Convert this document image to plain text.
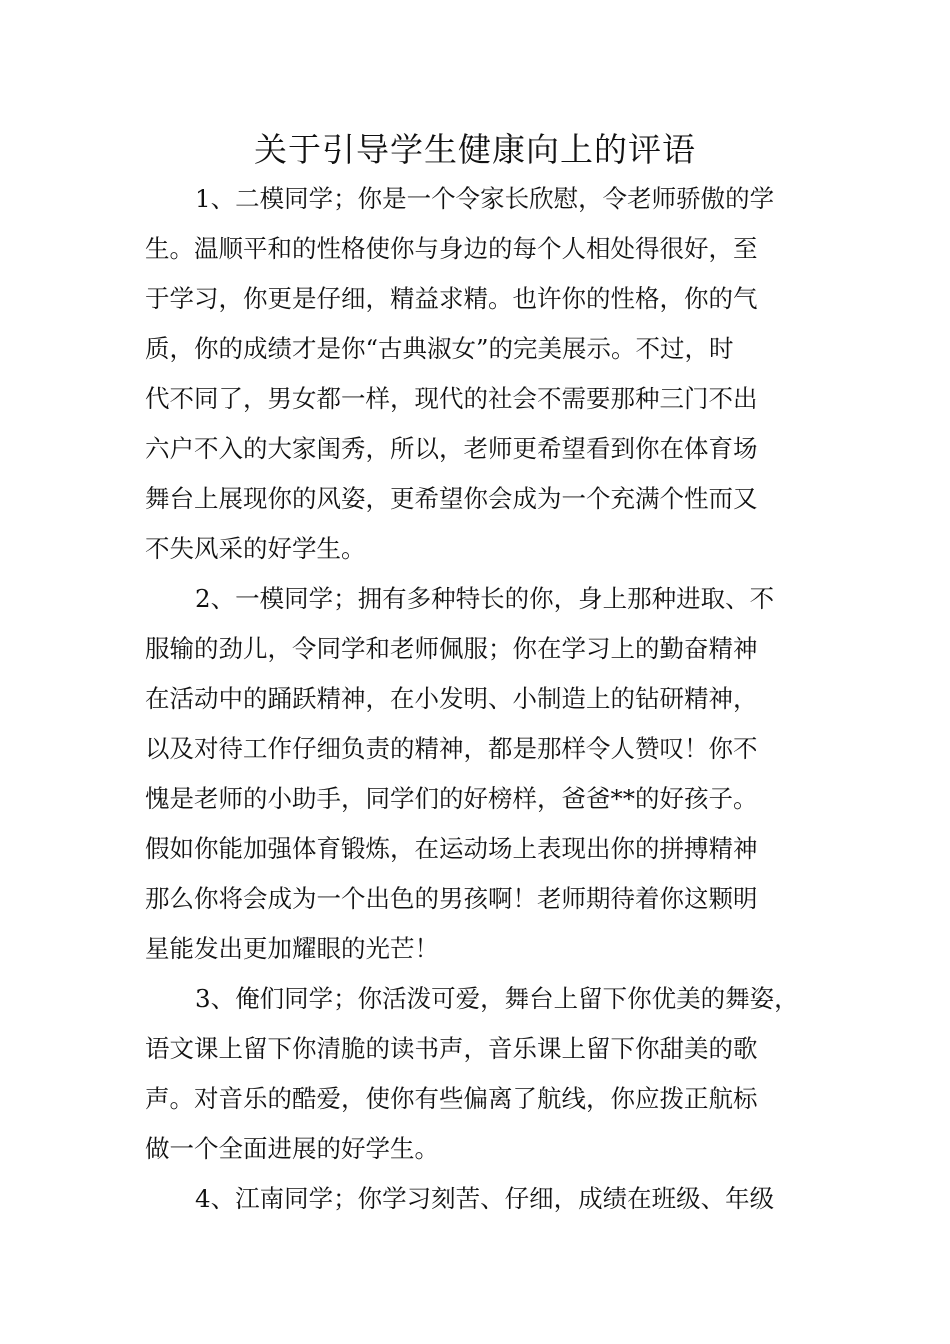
关于引导学生健康向上的评语

1、二模同学；你是一个令家长欣慰，令老师骄傲的学

生。温顺平和的性格使你与身边的每个人相处得很好，至

于学习，你更是仔细，精益求精。也许你的性格，你的气

质，你的成绩才是你“古典淑女”的完美展示。不过，时

代不同了，男女都一样，现代的社会不需要那种三门不出

六户不入的大家闺秀，所以，老师更希望看到你在体育场

舞台上展现你的风姿，更希望你会成为一个充满个性而又

不失风采的好学生。

2、一模同学；拥有多种特长的你，身上那种进取、不

服输的劲儿，令同学和老师佩服；你在学习上的勤奋精神

在活动中的踊跃精神，在小发明、小制造上的钻研精神，

以及对待工作仔细负责的精神，都是那样令人赞叹！你不

愧是老师的小助手，同学们的好榜样，爸爸**的好孩子。

假如你能加强体育锻炼，在运动场上表现出你的拼搏精神

那么你将会成为一个出色的男孩啊！老师期待着你这颗明

星能发出更加耀眼的光芒！

3、俺们同学；你活泼可爱，舞台上留下你优美的舞姿，

语文课上留下你清脆的读书声，音乐课上留下你甜美的歌

声。对音乐的酷爱，使你有些偏离了航线，你应拨正航标

做一个全面进展的好学生。

4、江南同学；你学习刻苦、仔细，成绩在班级、年级
